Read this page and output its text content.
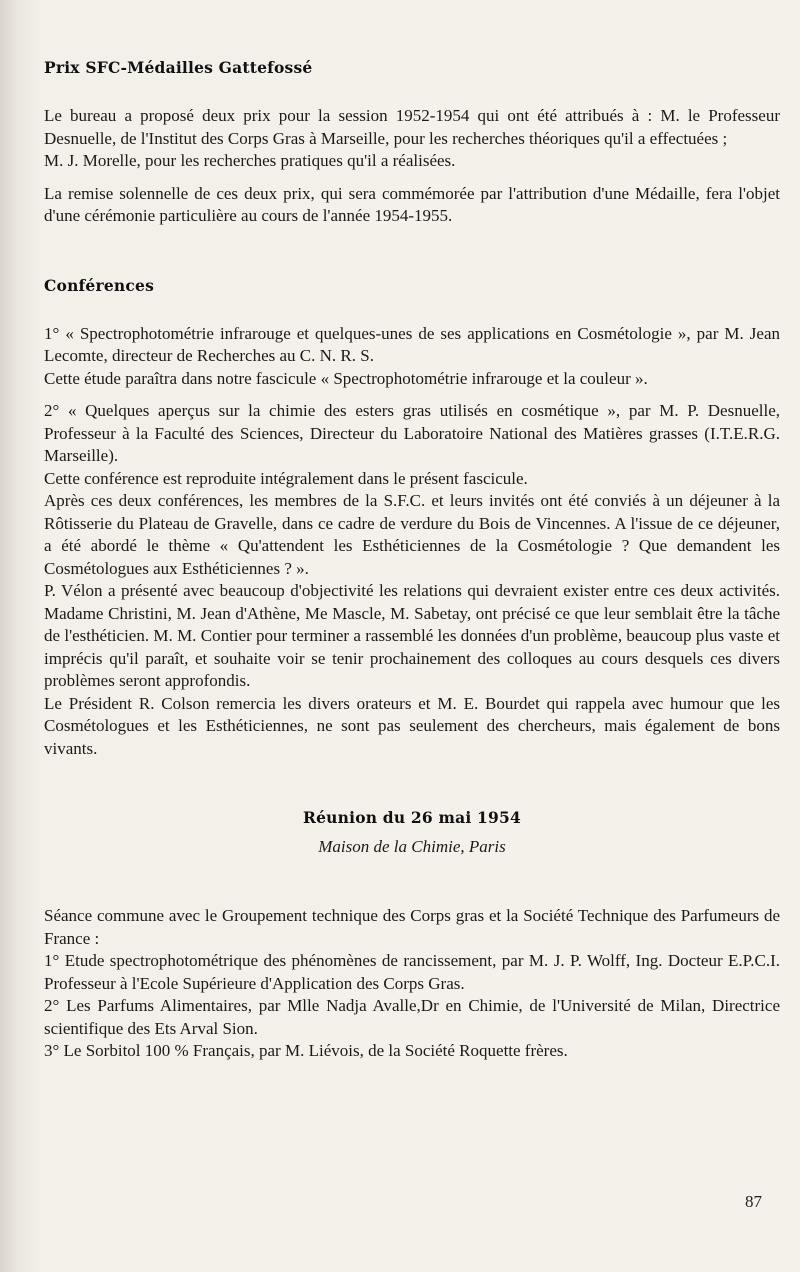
Prix SFC-Médailles Gattefossé

Le bureau a proposé deux prix pour la session 1952-1954 qui ont été attribués à : M. le Professeur Desnuelle, de l'Institut des Corps Gras à Marseille, pour les recherches théoriques qu'il a effectuées ;

M. J. Morelle, pour les recherches pratiques qu'il a réalisées.

La remise solennelle de ces deux prix, qui sera commémorée par l'attribution d'une Médaille, fera l'objet d'une cérémonie particulière au cours de l'année 1954-1955.

Conférences

1° « Spectrophotométrie infrarouge et quelques-unes de ses applications en Cosmétologie », par M. Jean Lecomte, directeur de Recherches au C. N. R. S.

Cette étude paraîtra dans notre fascicule « Spectrophotométrie infrarouge et la couleur ».

2° « Quelques aperçus sur la chimie des esters gras utilisés en cosmétique », par M. P. Desnuelle, Professeur à la Faculté des Sciences, Directeur du Laboratoire National des Matières grasses (I.T.E.R.G. Marseille).

Cette conférence est reproduite intégralement dans le présent fascicule.

Après ces deux conférences, les membres de la S.F.C. et leurs invités ont été conviés à un déjeuner à la Rôtisserie du Plateau de Gravelle, dans ce cadre de verdure du Bois de Vincennes. A l'issue de ce déjeuner, a été abordé le thème « Qu'attendent les Esthéticiennes de la Cosmétologie ? Que demandent les Cosmétologues aux Esthéticiennes ? ».

P. Vélon a présenté avec beaucoup d'objectivité les relations qui devraient exister entre ces deux activités. Madame Christini, M. Jean d'Athène, Me Mascle, M. Sabetay, ont précisé ce que leur semblait être la tâche de l'esthéticien. M. M. Contier pour terminer a rassemblé les données d'un problème, beaucoup plus vaste et imprécis qu'il paraît, et souhaite voir se tenir prochainement des colloques au cours desquels ces divers problèmes seront approfondis.

Le Président R. Colson remercia les divers orateurs et M. E. Bourdet qui rappela avec humour que les Cosmétologues et les Esthéticiennes, ne sont pas seulement des chercheurs, mais également de bons vivants.

Réunion du 26 mai 1954

Maison de la Chimie, Paris

Séance commune avec le Groupement technique des Corps gras et la Société Technique des Parfumeurs de France :

1° Etude spectrophotométrique des phénomènes de rancissement, par M. J. P. Wolff, Ing. Docteur E.P.C.I. Professeur à l'Ecole Supérieure d'Application des Corps Gras.

2° Les Parfums Alimentaires, par Mlle Nadja Avalle,Dr en Chimie, de l'Université de Milan, Directrice scientifique des Ets Arval Sion.

3° Le Sorbitol 100 % Français, par M. Liévois, de la Société Roquette frères.

87
